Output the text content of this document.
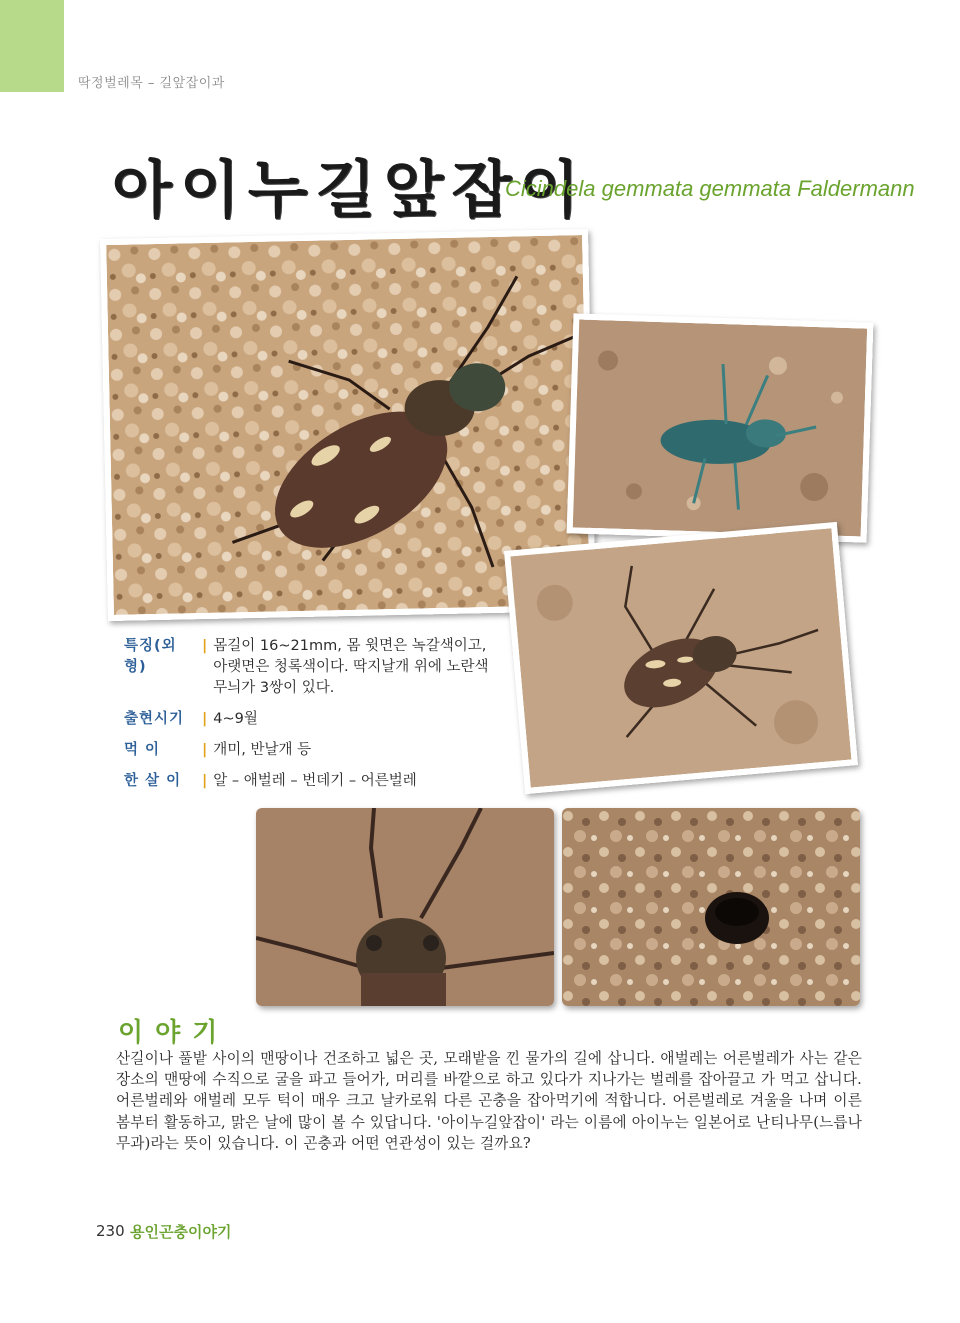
딱정벌레목 – 길앞잡이과
아이누길앞잡이
Cicindela gemmata gemmata Faldermann
특징(외형)
| 몸길이 16~21mm, 몸 윗면은 녹갈색이고, 아랫면은 청록색이다. 딱지날개 위에 노란색 무늬가 3쌍이 있다.
출현시기	| 4~9월
먹 이	| 개미, 반날개 등
한 살 이	| 알 – 애벌레 – 번데기 – 어른벌레
이야기
산길이나 풀밭 사이의 맨땅이나 건조하고 넓은 곳, 모래밭을 낀 물가의 길에 삽니다. 애벌레는 어른벌레가 사는 같은 장소의 맨땅에 수직으로 굴을 파고 들어가, 머리를 바깥으로 하고 있다가 지나가는 벌레를 잡아끌고 가 먹고 삽니다. 어른벌레와 애벌레 모두 턱이 매우 크고 날카로워 다른 곤충을 잡아먹기에 적합니다. 어른벌레로 겨울을 나며 이른 봄부터 활동하고, 맑은 날에 많이 볼 수 있답니다. '아이누길앞잡이' 라는 이름에 아이누는 일본어로 난티나무(느릅나무과)라는 뜻이 있습니다. 이 곤충과 어떤 연관성이 있는 걸까요?
230 용인곤충이야기
